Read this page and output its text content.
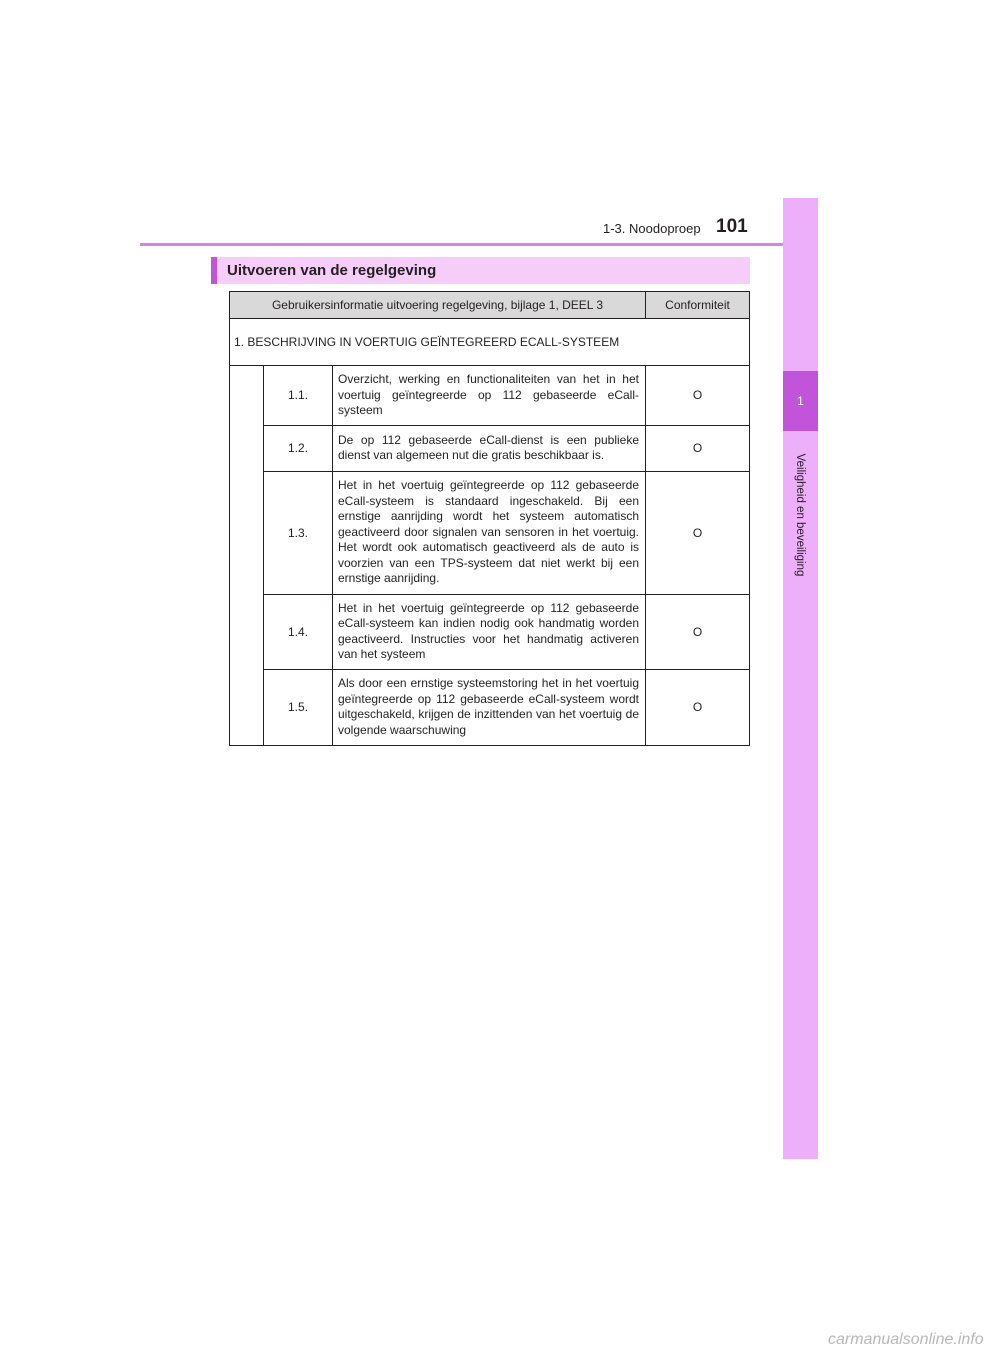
1-3. Noodoproep 101
1
Veiligheid en beveiliging
Uitvoeren van de regelgeving
Gebruikersinformatie uitvoering regelgeving, bijlage 1, DEEL 3			Conformiteit
1. BESCHRIJVING IN VOERTUIG GEÏNTEGREERD ECALL-SYSTEEM			
	1.1.	Overzicht, werking en functionaliteiten van het in het voertuig geïntegreerde op 112 gebaseerde eCall-systeem	O
	1.2.	De op 112 gebaseerde eCall-dienst is een publieke dienst van algemeen nut die gratis beschikbaar is.	O
	1.3.	Het in het voertuig geïntegreerde op 112 gebaseerde eCall-systeem is standaard ingeschakeld. Bij een ernstige aanrijding wordt het systeem automatisch geactiveerd door signalen van sensoren in het voertuig. Het wordt ook automatisch geactiveerd als de auto is voorzien van een TPS-systeem dat niet werkt bij een ernstige aanrijding.	O
	1.4.	Het in het voertuig geïntegreerde op 112 gebaseerde eCall-systeem kan indien nodig ook handmatig worden geactiveerd. Instructies voor het handmatig activeren van het systeem	O
	1.5.	Als door een ernstige systeemstoring het in het voertuig geïntegreerde op 112 gebaseerde eCall-systeem wordt uitgeschakeld, krijgen de inzittenden van het voertuig de volgende waarschuwing	O
carmanualsonline.info
